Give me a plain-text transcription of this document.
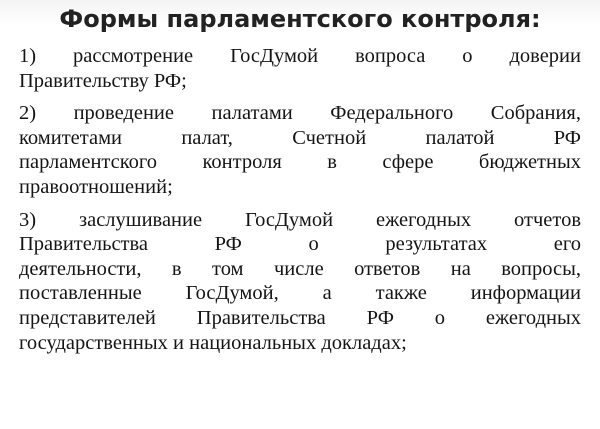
Формы парламентского контроля:
1) рассмотрение ГосДумой вопроса о доверии
Правительству РФ;
2) проведение палатами Федерального Собрания,
комитетами палат, Счетной палатой РФ
парламентского контроля в сфере бюджетных
правоотношений;
3) заслушивание ГосДумой ежегодных отчетов
Правительства РФ о результатах его
деятельности, в том числе ответов на вопросы,
поставленные ГосДумой, а также информации
представителей Правительства РФ о ежегодных
государственных и национальных докладах;
